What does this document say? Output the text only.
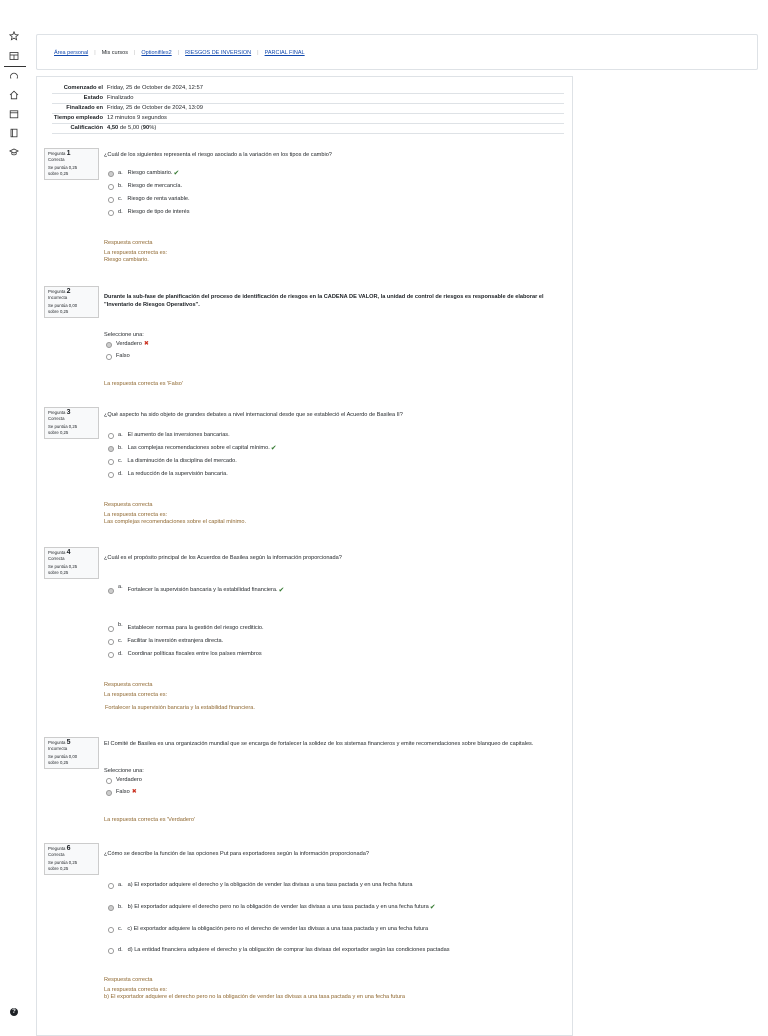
Área personal | Mis cursos | Optionifiles2 | RIESGOS DE INVERSION | PARCIAL FINAL
Comenzado el Friday, 25 de October de 2024, 12:57
Estado Finalizado
Finalizado en Friday, 25 de October de 2024, 13:09
Tiempo empleado 12 minutos 9 segundos
Calificación 4,50 de 5,00 (90%)
Pregunta 1
Correcta

Se puntúa 0,25 sobre 0,25
¿Cuál de los siguientes representa el riesgo asociado a la variación en los tipos de cambio?
a. Riesgo cambiario. ✔
b. Riesgo de mercancía.
c. Riesgo de renta variable.
d. Riesgo de tipo de interés
Respuesta correcta
La respuesta correcta es:
Riesgo cambiario.
Pregunta 2
Incorrecta

Se puntúa 0,00 sobre 0,25
Durante la sub-fase de planificación del proceso de identificación de riesgos en la CADENA DE VALOR, la unidad de control de riesgos es responsable de elaborar el "Inventario de Riesgos Operativos".
Seleccione una:
Verdadero ✖
Falso
La respuesta correcta es 'Falso'
Pregunta 3
Correcta

Se puntúa 0,25 sobre 0,25
¿Qué aspecto ha sido objeto de grandes debates a nivel internacional desde que se estableció el Acuerdo de Basilea II?
a. El aumento de las inversiones bancarias.
b. Las complejas recomendaciones sobre el capital mínimo. ✔
c. La disminución de la disciplina del mercado.
d. La reducción de la supervisión bancaria.
Respuesta correcta
La respuesta correcta es:
Las complejas recomendaciones sobre el capital mínimo.
Pregunta 4
Correcta

Se puntúa 0,25 sobre 0,25
¿Cuál es el propósito principal de los Acuerdos de Basilea según la información proporcionada?
a. Fortalecer la supervisión bancaria y la estabilidad financiera. ✔
b. Establecer normas para la gestión del riesgo crediticio.
c. Facilitar la inversión extranjera directa.
d. Coordinar políticas fiscales entre los países miembros
Respuesta correcta
La respuesta correcta es:
Fortalecer la supervisión bancaria y la estabilidad financiera.
Pregunta 5
Incorrecta

Se puntúa 0,00 sobre 0,25
El Comité de Basilea es una organización mundial que se encarga de fortalecer la solidez de los sistemas financieros y emite recomendaciones sobre blanqueo de capitales.
Seleccione una:
Verdadero
Falso ✖
La respuesta correcta es 'Verdadero'
Pregunta 6
Correcta

Se puntúa 0,25 sobre 0,25
¿Cómo se describe la función de las opciones Put para exportadores según la información proporcionada?
a. a) El exportador adquiere el derecho y la obligación de vender las divisas a una tasa pactada y en una fecha futura
b. b) El exportador adquiere el derecho pero no la obligación de vender las divisas a una tasa pactada y en una fecha futura ✔
c. c) El exportador adquiere la obligación pero no el derecho de vender las divisas a una tasa pactada y en una fecha futura
d. d) La entidad financiera adquiere el derecho y la obligación de comprar las divisas del exportador según las condiciones pactadas
Respuesta correcta
La respuesta correcta es:
b) El exportador adquiere el derecho pero no la obligación de vender las divisas a una tasa pactada y en una fecha futura
?
